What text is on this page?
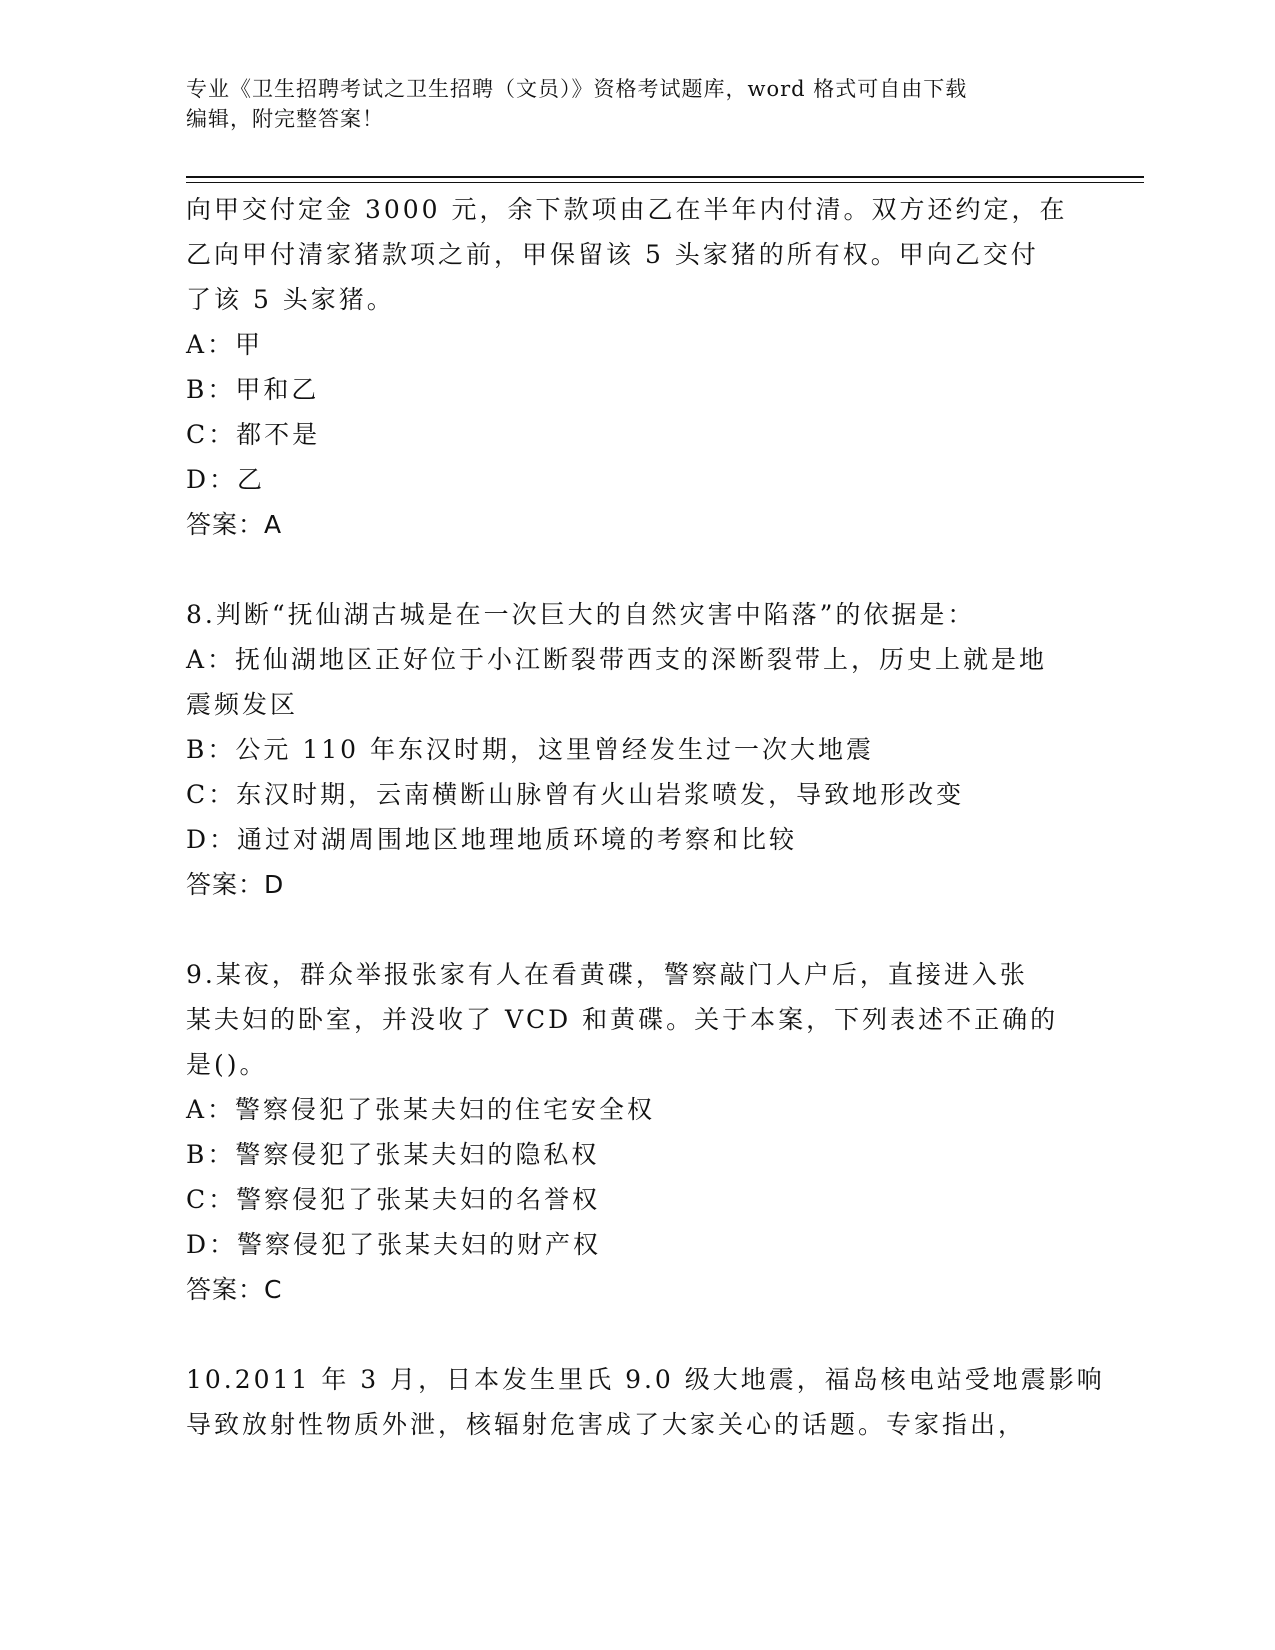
专业《卫生招聘考试之卫生招聘（文员）》资格考试题库，word 格式可自由下载
编辑，附完整答案！
向甲交付定金 3000 元，余下款项由乙在半年内付清。双方还约定，在
乙向甲付清家猪款项之前，甲保留该 5 头家猪的所有权。甲向乙交付
了该 5 头家猪。
A：甲
B：甲和乙
C：都不是
D：乙
答案：A
8.判断“抚仙湖古城是在一次巨大的自然灾害中陷落”的依据是：
A：抚仙湖地区正好位于小江断裂带西支的深断裂带上，历史上就是地
震频发区
B：公元 110 年东汉时期，这里曾经发生过一次大地震
C：东汉时期，云南横断山脉曾有火山岩浆喷发，导致地形改变
D：通过对湖周围地区地理地质环境的考察和比较
答案：D
9.某夜，群众举报张家有人在看黄碟，警察敲门人户后，直接进入张
某夫妇的卧室，并没收了 VCD 和黄碟。关于本案，下列表述不正确的
是()。
A：警察侵犯了张某夫妇的住宅安全权
B：警察侵犯了张某夫妇的隐私权
C：警察侵犯了张某夫妇的名誉权
D：警察侵犯了张某夫妇的财产权
答案：C
10.2011 年 3 月，日本发生里氏 9.0 级大地震，福岛核电站受地震影响
导致放射性物质外泄，核辐射危害成了大家关心的话题。专家指出，
